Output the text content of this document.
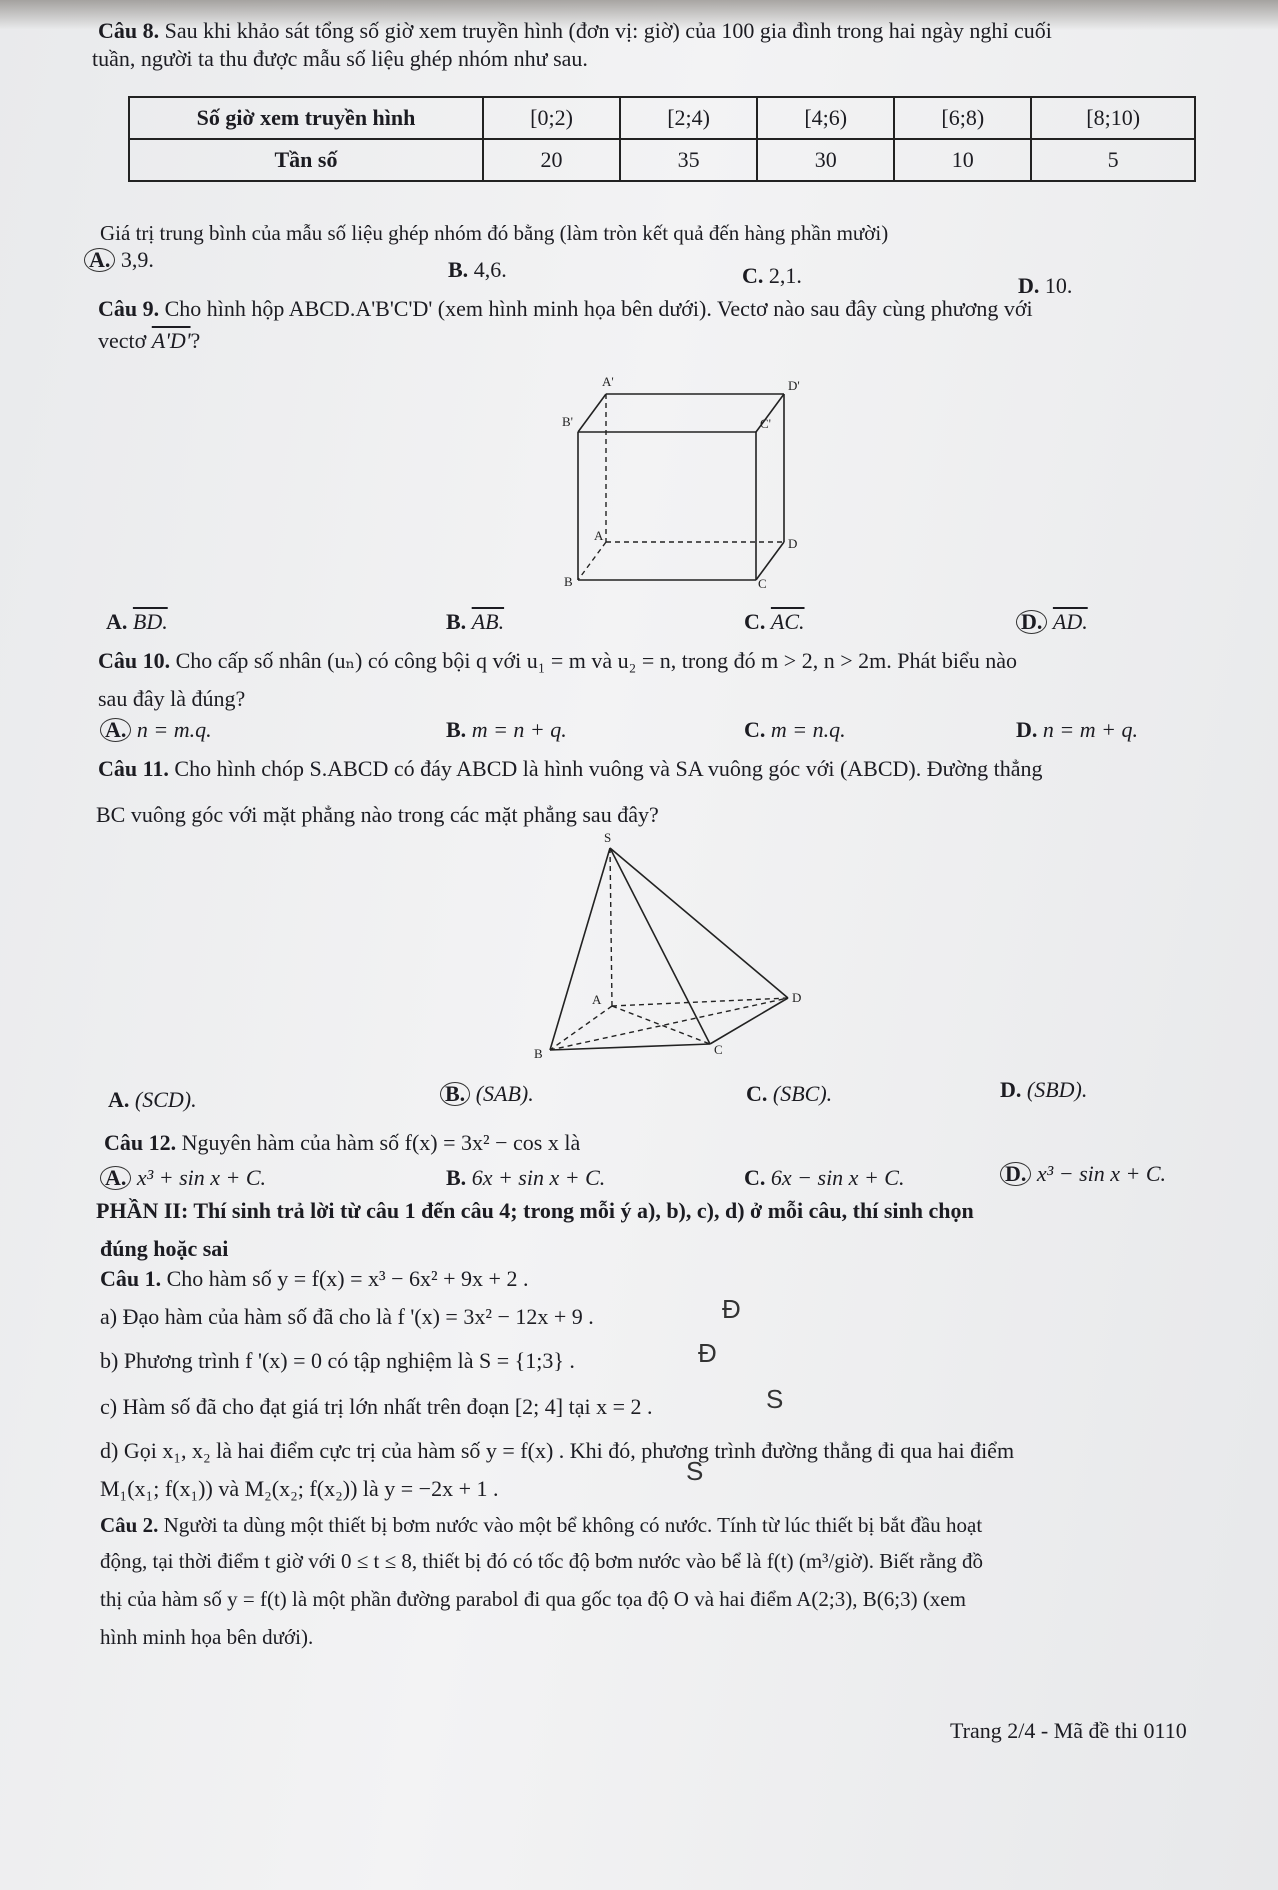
Câu 8. Sau khi khảo sát tổng số giờ xem truyền hình (đơn vị: giờ) của 100 gia đình trong hai ngày nghỉ cuối
tuần, người ta thu được mẫu số liệu ghép nhóm như sau.
Số giờ xem truyền hình	[0;2)	[2;4)	[4;6)	[6;8)	[8;10)
Tần số	20	35	30	10	5
Giá trị trung bình của mẫu số liệu ghép nhóm đó bằng (làm tròn kết quả đến hàng phần mười)
A. 3,9.	B. 4,6.	C. 2,1.	D. 10.
Câu 9. Cho hình hộp ABCD.A'B'C'D' (xem hình minh họa bên dưới). Vectơ nào sau đây cùng phương với
vectơ A'D'?
A'	D'
B'	C'
A
D
B	C
A. BD.	B. AB.	C. AC.	D. AD.
Câu 10. Cho cấp số nhân (uₙ) có công bội q với u₁ = m và u₂ = n, trong đó m > 2, n > 2m. Phát biểu nào
sau đây là đúng?
A. n = m.q.	B. m = n + q.	C. m = n.q.	D. n = m + q.
Câu 11. Cho hình chóp S.ABCD có đáy ABCD là hình vuông và SA vuông góc với (ABCD). Đường thẳng
BC vuông góc với mặt phẳng nào trong các mặt phẳng sau đây?
S
A	D
B	C
A. (SCD).	B. (SAB).	C. (SBC).	D. (SBD).
Câu 12. Nguyên hàm của hàm số f(x) = 3x² − cos x là
A. x³ + sin x + C.	B. 6x + sin x + C.	C. 6x − sin x + C.	D. x³ − sin x + C.
PHẦN II: Thí sinh trả lời từ câu 1 đến câu 4; trong mỗi ý a), b), c), d) ở mỗi câu, thí sinh chọn
đúng hoặc sai
Câu 1. Cho hàm số y = f(x) = x³ − 6x² + 9x + 2 .
a) Đạo hàm của hàm số đã cho là f '(x) = 3x² − 12x + 9 .	Đ
b) Phương trình f '(x) = 0 có tập nghiệm là S = {1;3} .	Đ
c) Hàm số đã cho đạt giá trị lớn nhất trên đoạn [2; 4] tại x = 2 .	S
d) Gọi x₁, x₂ là hai điểm cực trị của hàm số y = f(x) . Khi đó, phương trình đường thẳng đi qua hai điểm
M₁(x₁; f(x₁)) và M₂(x₂; f(x₂)) là y = −2x + 1 .
S
Câu 2. Người ta dùng một thiết bị bơm nước vào một bể không có nước. Tính từ lúc thiết bị bắt đầu hoạt
động, tại thời điểm t giờ với 0 ≤ t ≤ 8, thiết bị đó có tốc độ bơm nước vào bể là f(t) (m³/giờ). Biết rằng đồ
thị của hàm số y = f(t) là một phần đường parabol đi qua gốc tọa độ O và hai điểm A(2;3), B(6;3) (xem
hình minh họa bên dưới).
Trang 2/4 - Mã đề thi 0110
